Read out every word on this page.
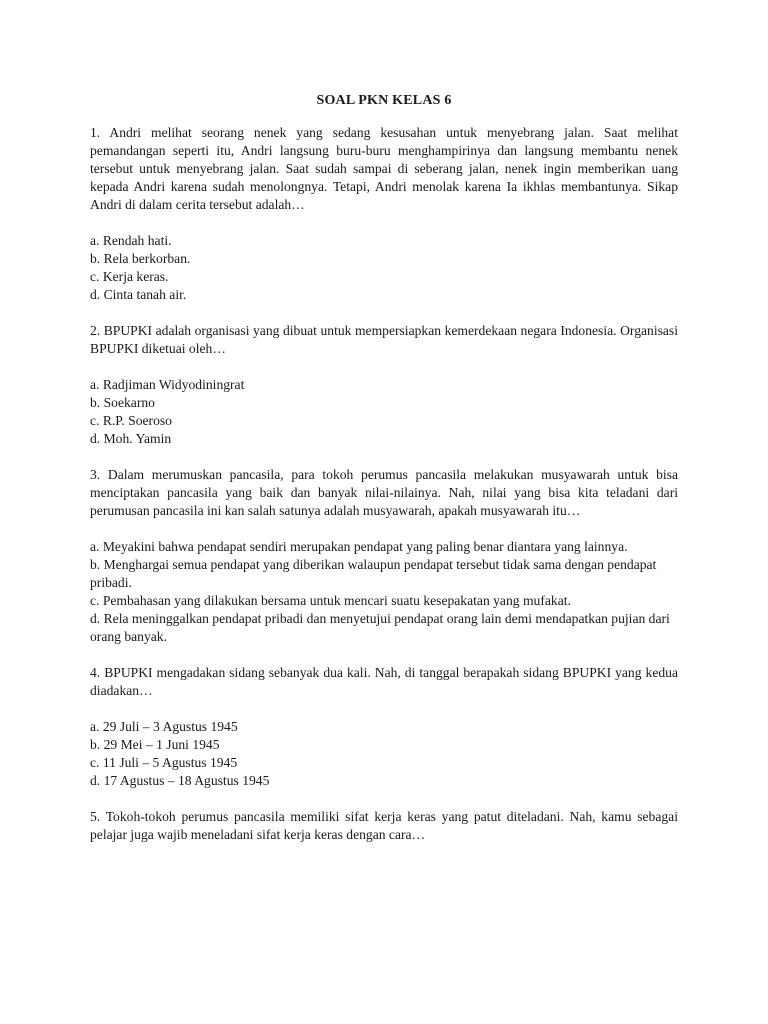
SOAL PKN KELAS 6
1. Andri melihat seorang nenek yang sedang kesusahan untuk menyebrang jalan. Saat melihat pemandangan seperti itu, Andri langsung buru-buru menghampirinya dan langsung membantu nenek tersebut untuk menyebrang jalan. Saat sudah sampai di seberang jalan, nenek ingin memberikan uang kepada Andri karena sudah menolongnya. Tetapi, Andri menolak karena Ia ikhlas membantunya. Sikap Andri di dalam cerita tersebut adalah…
a. Rendah hati.
b. Rela berkorban.
c. Kerja keras.
d. Cinta tanah air.
2. BPUPKI adalah organisasi yang dibuat untuk mempersiapkan kemerdekaan negara Indonesia. Organisasi BPUPKI diketuai oleh…
a. Radjiman Widyodiningrat
b. Soekarno
c. R.P. Soeroso
d. Moh. Yamin
3. Dalam merumuskan pancasila, para tokoh perumus pancasila melakukan musyawarah untuk bisa menciptakan pancasila yang baik dan banyak nilai-nilainya. Nah, nilai yang bisa kita teladani dari perumusan pancasila ini kan salah satunya adalah musyawarah, apakah musyawarah itu…
a. Meyakini bahwa pendapat sendiri merupakan pendapat yang paling benar diantara yang lainnya.
b. Menghargai semua pendapat yang diberikan walaupun pendapat tersebut tidak sama dengan pendapat pribadi.
c. Pembahasan yang dilakukan bersama untuk mencari suatu kesepakatan yang mufakat.
d. Rela meninggalkan pendapat pribadi dan menyetujui pendapat orang lain demi mendapatkan pujian dari orang banyak.
4. BPUPKI mengadakan sidang sebanyak dua kali. Nah, di tanggal berapakah sidang BPUPKI yang kedua diadakan…
a. 29 Juli – 3 Agustus 1945
b. 29 Mei – 1 Juni 1945
c. 11 Juli – 5 Agustus 1945
d. 17 Agustus – 18 Agustus 1945
5. Tokoh-tokoh perumus pancasila memiliki sifat kerja keras yang patut diteladani. Nah, kamu sebagai pelajar juga wajib meneladani sifat kerja keras dengan cara…
